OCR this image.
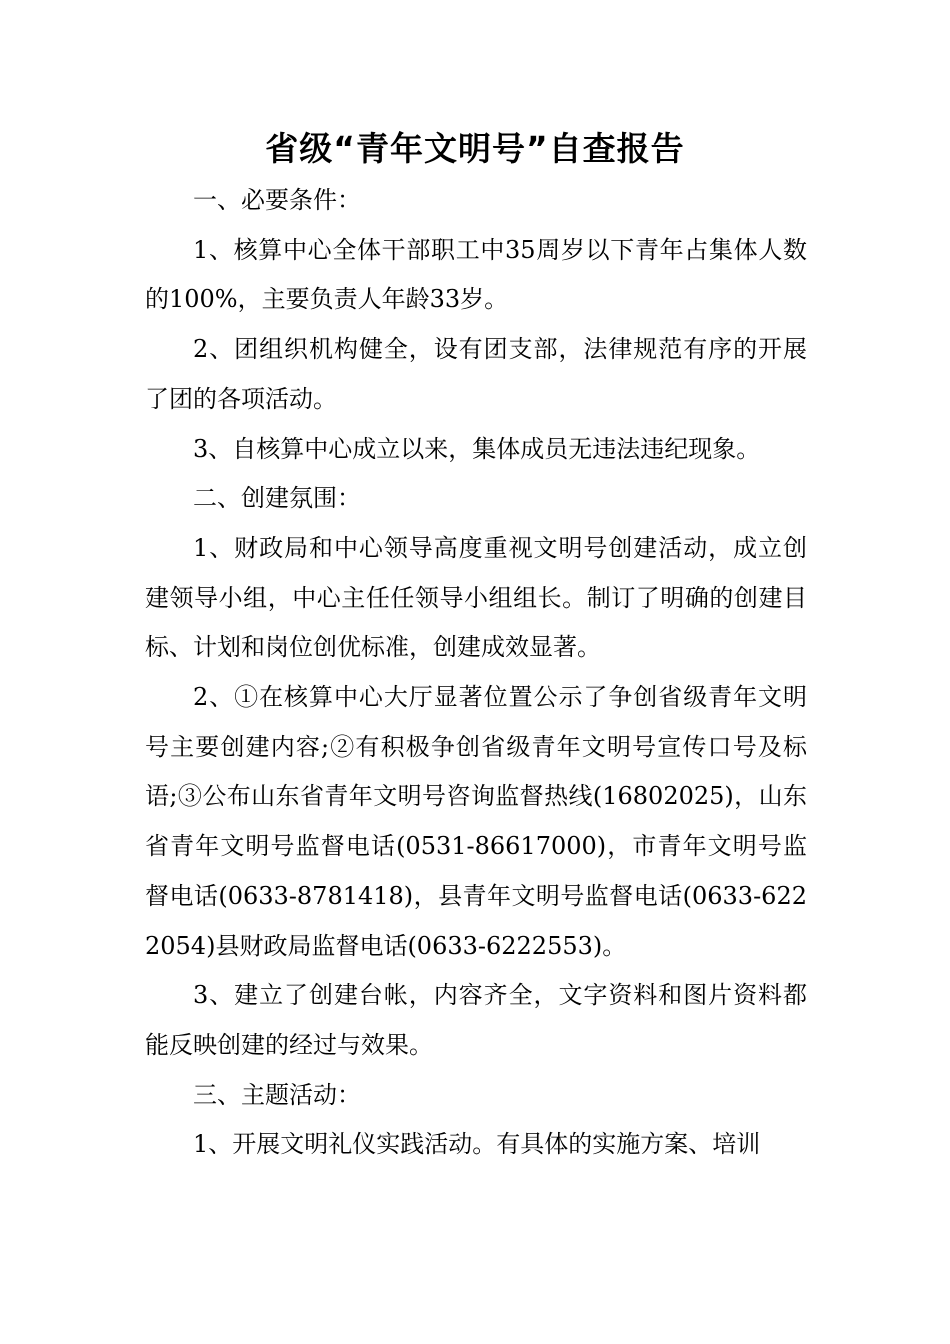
省级“青年文明号”自查报告

一、必要条件：

1、核算中心全体干部职工中35周岁以下青年占集体人数的100%，主要负责人年龄33岁。

2、团组织机构健全，设有团支部，法律规范有序的开展了团的各项活动。

3、自核算中心成立以来，集体成员无违法违纪现象。

二、创建氛围：

1、财政局和中心领导高度重视文明号创建活动，成立创建领导小组，中心主任任领导小组组长。制订了明确的创建目标、计划和岗位创优标准，创建成效显著。

2、①在核算中心大厅显著位置公示了争创省级青年文明号主要创建内容;②有积极争创省级青年文明号宣传口号及标语;③公布山东省青年文明号咨询监督热线(16802025)，山东省青年文明号监督电话(0531-86617000)，市青年文明号监督电话(0633-8781418)，县青年文明号监督电话(0633-6222054)县财政局监督电话(0633-6222553)。

3、建立了创建台帐，内容齐全，文字资料和图片资料都能反映创建的经过与效果。

三、主题活动：

1、开展文明礼仪实践活动。有具体的实施方案、培训
